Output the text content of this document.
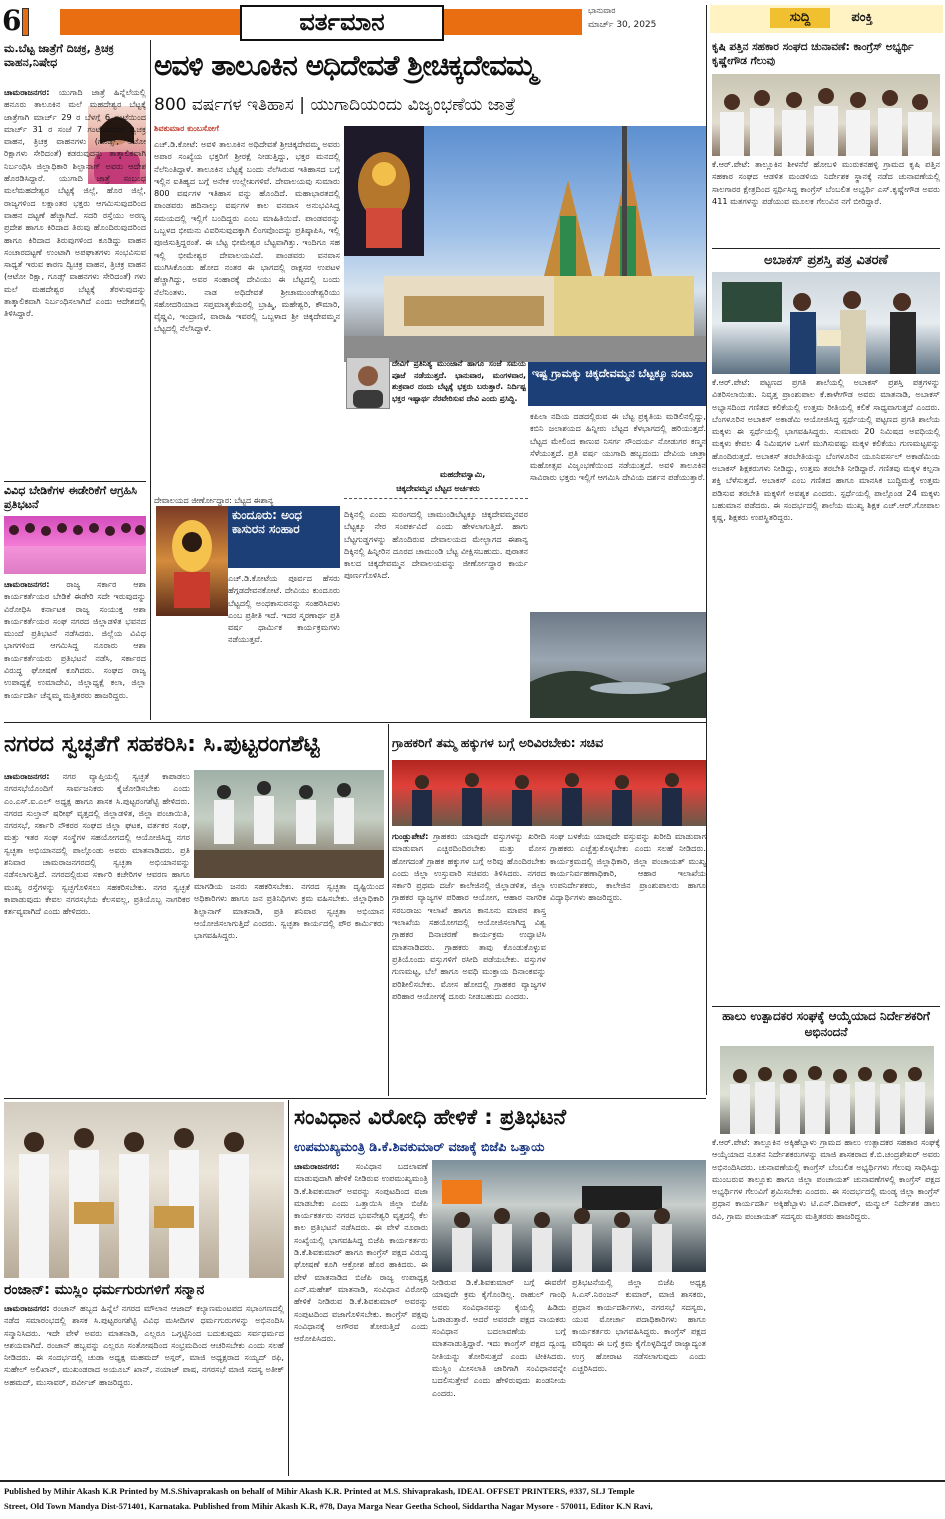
6	ವರ್ತಮಾನ	ಭಾನುವಾರ
ಮಾರ್ಚ್ 30, 2025	ಸುದ್ದಿ	ಪಂಕ್ತಿ
ಮ.ಬೆಟ್ಟ ಜಾತ್ರೆಗೆ ದಿಚಕ್ರ, ತ್ರಿಚಕ್ರ ವಾಹನ,ನಿಷೇಧ
ಚಾಮರಾಜನಗರ: ಯುಗಾದಿ ಜಾತ್ರೆ ಹಿನ್ನೆಲೆಯಲ್ಲಿ ಹನೂರು ತಾಲೂಕಿನ ಮಲೆ ಮಹದೇಶ್ವರ ಬೆಟ್ಟಕ್ಕೆ ಜಾತ್ರೆಗಾಗಿ ಮಾರ್ಚ್ 29 ರ ಬೆಳಗ್ಗೆ 6 ಗಂಟೆಯಿಂದ ಮಾರ್ಚ್ 31 ರ ಸಂಜೆ 7 ಗಂಟೆಯವರೆಗೆ ದ್ವಿಚಕ್ರ ವಾಹನ, ತ್ರಿಚಕ್ರ ವಾಹನಗಳು (ಗೂಡ್ಸ್, ಆಟೋ ರಿಕ್ಷಾಗಳು ಸೇರಿದಂತೆ) ಕಡರುವುದನ್ನು ತಾತ್ಕಾಲಿಕವಾಗಿ ನಿರ್ಬಂಧಿಸಿ ಜಿಲ್ಲಾಧಿಕಾರಿ ಶಿಲ್ಪಾನಾಗ್ ಅವರು ಆದೇಶ ಹೊರಡಿಸಿದ್ದಾರೆ. ಯುಗಾದಿ ಜಾತ್ರೆ ಸಂಬಂಧ ಮಲೆಮಹದೇಶ್ವರ ಬೆಟ್ಟಕ್ಕೆ ಜಿಲ್ಲೆ, ಹೊರ ಜಿಲ್ಲೆ, ರಾಜ್ಯಗಳಿಂದ ಲಕ್ಷಾಂತರ ಭಕ್ತರು ಆಗಮಿಸುವುದರಿಂದ ವಾಹನ ದಟ್ಟಣೆ ಹೆಚ್ಚಾಗಿದೆ. ಸದರಿ ರಸ್ತೆಯು ಅರಣ್ಯ ಪ್ರದೇಶ ಹಾಗೂ ಕಿರಿದಾದ ತಿರುವು ಹೊಂದಿರುವುದರಿಂದ ಹಾಗೂ ಕಿರಿದಾದ ತಿರುವುಗಳಿಂದ ಕೂಡಿದ್ದು ವಾಹನ ಸಂಚಾರದಟ್ಟಣೆ ಉಂಟಾಗಿ ಅಪಘಾತಗಳು ಸಂಭವಿಸುವ ಸಾಧ್ಯತೆ ಇರುವ ಕಾರಣ ದ್ವಿಚಕ್ರ ವಾಹನ, ತ್ರಿಚಕ್ರ ವಾಹನ (ಆಟೋ ರಿಕ್ಷಾ, ಗೂಡ್ಸ್ ವಾಹನಗಳು ಸೇರಿದಂತೆ) ಗಳು ಮಲೆ ಮಹದೇಶ್ವರ ಬೆಟ್ಟಕ್ಕೆ ತೆರಳುವುದನ್ನು ತಾತ್ಕಾಲಿಕವಾಗಿ ನಿರ್ಬಂಧಿಸಲಾಗಿದೆ ಎಂದು ಆದೇಶದಲ್ಲಿ ತಿಳಿಸಿದ್ದಾರೆ.
ವಿವಿಧ ಬೇಡಿಕೆಗಳ ಈಡೇರಿಕೆಗೆ ಆಗ್ರಹಿಸಿ ಪ್ರತಿಭಟನೆ
ಚಾಮರಾಜನಗರ: ರಾಜ್ಯ ಸರ್ಕಾರ ಆಶಾ ಕಾರ್ಯಕರ್ತೆಯರ ಬೇಡಿಕೆ ಈಡೇರಿ ಸದೇ ಇರುವುದನ್ನು ವಿರೋಧಿಸಿ ಕರ್ನಾಟಕ ರಾಜ್ಯ ಸಂಯುಕ್ತ ಆಶಾ ಕಾರ್ಯಕರ್ತೆಯರ ಸಂಘ ನಗರದ ಜಿಲ್ಲಾಡಳಿತ ಭವನದ ಮುಂದೆ ಪ್ರತಿಭಟನೆ ನಡೆಸಿದರು. ಜಿಲ್ಲೆಯ ವಿವಿಧ ಭಾಗಗಳಿಂದ ಆಗಮಿಸಿದ್ದ ನೂರಾರು ಆಶಾ ಕಾರ್ಯಕರ್ತೆಯರು ಪ್ರತಿಭಟನೆ ನಡೆಸಿ, ಸರ್ಕಾರದ ವಿರುದ್ಧ ಘೋಷಣೆ ಕೂಗಿದರು. ಸಂಘದ ರಾಜ್ಯ ಉಪಾಧ್ಯಕ್ಷೆ ಉಮಾದೇವಿ, ಜಿಲ್ಲಾಧ್ಯಕ್ಷೆ ಕಲಾ, ಜಿಲ್ಲಾ ಕಾರ್ಯದರ್ಶಿ ಚೆನ್ನಮ್ಮ ಮತ್ತಿತರರು ಹಾಜರಿದ್ದರು.
ಅವಳಿ ತಾಲೂಕಿನ ಅಧಿದೇವತೆ ಶ್ರೀಚಿಕ್ಕದೇವಮ್ಮ
800 ವರ್ಷಗಳ ಇತಿಹಾಸ | ಯುಗಾದಿಯಂದು ವಿಜೃಂಭಣೆಯ ಜಾತ್ರೆ
ಶಿವಕುಮಾರ ಕುಂಬಸೋಗೆ

ಎಚ್.ಡಿ.ಕೋಟೆ: ಅವಳಿ ತಾಲೂಕಿನ ಅಧಿದೇವತೆ ಶ್ರೀಚಿಕ್ಕದೇವಮ್ಮ ಅವರು ಅಪಾರ ಸಂಖ್ಯೆಯ ಭಕ್ತರಿಗೆ ಶ್ರೀರಕ್ಷೆ ನೀಡುತ್ತಿದ್ದು, ಭಕ್ತರ ಮನದಲ್ಲಿ ನೆಲೆನಿಂತಿದ್ದಾಳೆ. ತಾಲೂಕಿನ ಬೆಟ್ಟಕ್ಕೆ ಬಂದು ನೆಲೆಸಿರುವ ಇತಿಹಾಸದ ಬಗ್ಗೆ ಇಲ್ಲಿನ ಐತಿಹ್ಯದ ಬಗ್ಗೆ ಅನೇಕ ಉಲ್ಲೇಖಗಳಿವೆ. ದೇವಾಲಯವು ಸುಮಾರು 800 ವರ್ಷಗಳ ಇತಿಹಾಸ ವನ್ನು ಹೊಂದಿದೆ. ಮಹಾಭಾರತದಲ್ಲಿ ಪಾಂಡವರು ಹದಿನಾಲ್ಕು ವರ್ಷಗಳ ಕಾಲ ವನವಾಸ ಅನುಭವಿಸಿದ್ದ ಸಮಯದಲ್ಲಿ ಇಲ್ಲಿಗೆ ಬಂದಿದ್ದರು ಎಂಬ ಮಾಹಿತಿಯಿದೆ. ಪಾಂಡವರನ್ನು ಒಬ್ಬಳದ ಭೀಮನು ವಿವರಿಸುವುದಕ್ಕಾಗಿ ಲಿಂಗವೊಂದನ್ನು ಪ್ರತಿಷ್ಠಾಪಿಸಿ, ಇಲ್ಲಿ ಪೂಜಿಸುತ್ತಿದ್ದರಂತೆ. ಈ ಬೆಟ್ಟ ಭೀಮೇಶ್ವರ ಬೆಟ್ಟವಾಗಿತ್ತು. ಇಂದಿಗೂ ಸಹ ಇಲ್ಲಿ ಭೀಮೇಶ್ವರ ದೇವಾಲಯವಿದೆ. ಪಾಂಡವರು ವನವಾಸ ಮುಗಿಸಿಕೊಂಡು ಹೋದ ನಂತರ ಈ ಭಾಗದಲ್ಲಿ ರಾಕ್ಷಸರ ಉಪಟಳ ಹೆಚ್ಚಾಗಿದ್ದು, ಅವರ ಸಂಹಾರಕ್ಕೆ ದೇವಿಯು ಈ ಬೆಟ್ಟದಲ್ಲಿ ಬಂದು ನೆಲೆನಿಂತಳು. ನಾಡ ಅಧಿದೇವತೆ ಶ್ರೀಚಾಮುಂಡೇಶ್ವರಿಯು ಸಹೋದರಿಯಾದ ಸಪ್ತಮಾತೃಕೆಯರಲ್ಲಿ ಬ್ರಾಹ್ಮಿ, ಮಹೇಶ್ವರಿ, ಕೌಮಾರಿ, ವೈಷ್ಣವಿ, ಇಂದ್ರಾಣಿ, ವಾರಾಹಿ ಇವರಲ್ಲಿ ಒಬ್ಬಳಾದ ಶ್ರೀ ಚಿಕ್ಕದೇವಮ್ಮನ ಬೆಟ್ಟದಲ್ಲಿ ನೆಲೆಸಿದ್ದಾಳೆ.

ದೇವಾಲಯದ ಜೀರ್ಣೋದ್ಧಾರ: ಬೆಟ್ಟದ ಈಶಾನ್ಯ
ದೇವಿಗೆ ಪ್ರತಿನಿತ್ಯ ಮುಂಜಾನೆ ಹಾಗೂ ಸಂಜೆ ಸಮಯ ಪೂಜೆ ನಡೆಯುತ್ತದೆ. ಭಾನುವಾರ, ಮಂಗಳವಾರ, ಶುಕ್ರವಾರ ದಂದು ಬೆಟ್ಟಕ್ಕೆ ಭಕ್ತರು ಬರುತ್ತಾರೆ. ನಿರ್ದಿಷ್ಟ ಭಕ್ತರ ಇಷ್ಟಾರ್ಥ ನೆರವೇರಿಸುವ ದೇವಿ ಎಂದು ಪ್ರಸಿದ್ಧಿ.
ಮಹದೇವಸ್ವಾಮಿ,
ಚಿಕ್ಕದೇವಮ್ಮನ ಬೆಟ್ಟದ ಅರ್ಚಕರು
ಇಷ್ಟ ಗ್ರಾಮಕ್ಕು ಚಿಕ್ಕದೇವಮ್ಮನ ಬೆಟ್ಟಕ್ಕೂ ನಂಟು

ದಿಕ್ಕಿನಲ್ಲಿ ಎಂದು ಸುರಂಗದಲ್ಲಿ ಚಾಮುಂಡಿಬೆಟ್ಟಕ್ಕೂ ಚಿಕ್ಕದೇವಮ್ಮನವರ ಬೆಟ್ಟಕ್ಕೂ ನೇರ ಸಂಪರ್ಕವಿದೆ ಎಂದು ಹೇಳಲಾಗುತ್ತಿದೆ. ಹಾಗು ಬೆಟ್ಟಗುಡ್ಡಗಳನ್ನು ಹೊಂದಿರುವ ದೇವಾಲಯದ ಮೇಲ್ಭಾಗದ ಈಶಾನ್ಯ ದಿಕ್ಕಿನಲ್ಲಿ ಹಿನ್ನೀರಿನ ದೂರದ ಚಾಮುಂಡಿ ಬೆಟ್ಟ ವೀಕ್ಷಿಸಬಹುದು. ಪುರಾತನ ಕಾಲದ ಚಿಕ್ಕದೇವಮ್ಮನ ದೇವಾಲಯವನ್ನು ಜೀರ್ಣೋದ್ಧಾರ ಕಾರ್ಯ ಪೂರ್ಣಗೊಳಿಸಿದೆ.

ಕುಂದೂರು: ಅಂಧ ಕಾಸುರನ ಸಂಹಾರ
ಎಚ್.ಡಿ.ಕೋಟೆಯ ಪೂರ್ವದ ಹೆಸರು ಹೆಗ್ಗಡದೇವನಕೋಟೆ. ದೇವಿಯು ಕುಂದೂರು ಬೆಟ್ಟದಲ್ಲಿ ಅಂಧಕಾಸುರನನ್ನು ಸಂಹರಿಸಿದಳು ಎಂಬ ಪ್ರತೀತಿ ಇದೆ. ಇದರ ಸ್ಮರಣಾರ್ಥ ಪ್ರತಿ ವರ್ಷ ಧಾರ್ಮಿಕ ಕಾರ್ಯಕ್ರಮಗಳು ನಡೆಯುತ್ತವೆ.

ಕಪಿಲಾ ನದಿಯ ದಡದಲ್ಲಿರುವ ಈ ಬೆಟ್ಟ ಪ್ರಕೃತಿಯ ಮಡಿಲಿನಲ್ಲಿದ್ದು, ಕಬಿನಿ ಜಲಾಶಯದ ಹಿನ್ನೀರು ಬೆಟ್ಟದ ಕೆಳಭಾಗದಲ್ಲಿ ಹರಿಯುತ್ತದೆ. ಬೆಟ್ಟದ ಮೇಲಿಂದ ಕಾಣುವ ನಿಸರ್ಗ ಸೌಂದರ್ಯ ನೋಡುಗರ ಕಣ್ಮನ ಸೆಳೆಯುತ್ತದೆ. ಪ್ರತಿ ವರ್ಷ ಯುಗಾದಿ ಹಬ್ಬದಂದು ದೇವಿಯ ಜಾತ್ರಾ ಮಹೋತ್ಸವ ವಿಜೃಂಭಣೆಯಿಂದ ನಡೆಯುತ್ತದೆ. ಅವಳಿ ತಾಲೂಕಿನ ಸಾವಿರಾರು ಭಕ್ತರು ಇಲ್ಲಿಗೆ ಆಗಮಿಸಿ ದೇವಿಯ ದರ್ಶನ ಪಡೆಯುತ್ತಾರೆ.

ಕೃಷಿ ಪತ್ತಿನ ಸಹಕಾರ ಸಂಘದ ಚುನಾವಣೆ: ಕಾಂಗ್ರೆಸ್ ಅಭ್ಯರ್ಥಿ ಕೃಷ್ಣೇಗೌಡ ಗೆಲುವು
ಕೆ.ಆರ್.ಪೇಟೆ: ತಾಲ್ಲೂಕಿನ ಶೀಳನೆರೆ ಹೋಬಳಿ ಮುರುಕನಹಳ್ಳಿ ಗ್ರಾಮದ ಕೃಷಿ ಪತ್ತಿನ ಸಹಕಾರ ಸಂಘದ ಆಡಳಿತ ಮಂಡಳಿಯ ನಿರ್ದೇಶಕ ಸ್ಥಾನಕ್ಕೆ ನಡೆದ ಚುನಾವಣೆಯಲ್ಲಿ ಸಾಲಗಾರರ ಕ್ಷೇತ್ರದಿಂದ ಸ್ಪರ್ಧಿಸಿದ್ದ ಕಾಂಗ್ರೆಸ್ ಬೆಂಬಲಿತ ಅಭ್ಯರ್ಥಿ ಎಸ್.ಕೃಷ್ಣೇಗೌಡ ಅವರು 411 ಮತಗಳನ್ನು ಪಡೆಯುವ ಮೂಲಕ ಗೆಲುವಿನ ನಗೆ ಬೀರಿದ್ದಾರೆ.
ಅಬಾಕಸ್ ಪ್ರಶಸ್ತಿ ಪತ್ರ ವಿತರಣೆ
ಕೆ.ಆರ್.ಪೇಟೆ: ಪಟ್ಟಣದ ಪ್ರಗತಿ ಶಾಲೆಯಲ್ಲಿ ಅಬಾಕಸ್ ಪ್ರಶಸ್ತಿ ಪತ್ರಗಳನ್ನು ವಿತರಿಸಲಾಯಿತು. ನಿವೃತ್ತ ಪ್ರಾಂಶುಪಾಲ ಕೆ.ಕಾಳೇಗೌಡ ಅವರು ಮಾತನಾಡಿ, ಅಬಾಕಸ್ ಅಭ್ಯಾಸದಿಂದ ಗಣಿತದ ಕಲಿಕೆಯಲ್ಲಿ ಉತ್ತಮ ರೀತಿಯಲ್ಲಿ ಕಲಿಕೆ ಸಾಧ್ಯವಾಗುತ್ತದೆ ಎಂದರು. ಬೆಂಗಳೂರಿನ ಅಬಾಕಸ್ ಅಕಾಡೆಮಿ ಆಯೋಜಿಸಿದ್ದ ಸ್ಪರ್ಧೆಯಲ್ಲಿ ಪಟ್ಟಣದ ಪ್ರಗತಿ ಶಾಲೆಯ ಮಕ್ಕಳು ಈ ಸ್ಪರ್ಧೆಯಲ್ಲಿ ಭಾಗವಹಿಸಿದ್ದರು. ಸುಮಾರು 20 ನಿಮಿಷದ ಅವಧಿಯಲ್ಲಿ ಮಕ್ಕಳು ಕೇವಲ 4 ನಿಮಿಷಗಳ ಒಳಗೆ ಮುಗಿಸುವಷ್ಟು ಮಕ್ಕಳ ಕಲಿಕೆಯು ಗುಣಮಟ್ಟವನ್ನು ಹೊಂದಿರುತ್ತದೆ. ಅಬಾಕಸ್ ತರಬೇತಿಯನ್ನು ಬೆಂಗಳೂರಿನ ಯೂನಿವರ್ಸಲ್ ಅಕಾಡೆಮಿಯ ಅಬಾಕಸ್ ಶಿಕ್ಷಕರುಗಳು ನೀಡಿದ್ದು, ಉತ್ತಮ ತರಬೇತಿ ನೀಡಿದ್ದಾರೆ. ಗಣಿತವು ಮಕ್ಕಳ ಕಲ್ಪನಾ ಶಕ್ತಿ ಬೆಳೆಸುತ್ತದೆ. ಅಬಾಕಸ್ ಎಂಬ ಗಣಿತದ ಹಾಗೂ ಮಾನಸಿಕ ಬುದ್ಧಿಮತ್ತೆ ಉತ್ತಮ ಪಡಿಸುವ ತರಬೇತಿ ಮಕ್ಕಳಿಗೆ ಅವಶ್ಯಕ ಎಂದರು. ಸ್ಪರ್ಧೆಯಲ್ಲಿ ಪಾಲ್ಗೊಂಡ 24 ಮಕ್ಕಳು ಬಹುಮಾನ ಪಡೆದರು. ಈ ಸಂದರ್ಭದಲ್ಲಿ ಶಾಲೆಯ ಮುಖ್ಯ ಶಿಕ್ಷಕ ಎಚ್.ಆರ್.ಗೋಪಾಲ ಕೃಷ್ಣ, ಶಿಕ್ಷಕರು ಉಪಸ್ಥಿತರಿದ್ದರು.
ಹಾಲು ಉತ್ಪಾದಕರ ಸಂಘಕ್ಕೆ ಆಯ್ಕೆಯಾದ ನಿರ್ದೇಶಕರಿಗೆ ಅಭಿನಂದನೆ
ಕೆ.ಆರ್.ಪೇಟೆ: ತಾಲ್ಲೂಕಿನ ಅಕ್ಕಿಹೆಬ್ಬಾಳು ಗ್ರಾಮದ ಹಾಲು ಉತ್ಪಾದಕರ ಸಹಕಾರ ಸಂಘಕ್ಕೆ ಆಯ್ಕೆಯಾದ ನೂತನ ನಿರ್ದೇಶಕರುಗಳನ್ನು ಮಾಜಿ ಶಾಸಕರಾದ ಕೆ.ಬಿ.ಚಂದ್ರಶೇಖರ್ ಅವರು ಅಭಿನಂದಿಸಿದರು. ಚುನಾವಣೆಯಲ್ಲಿ ಕಾಂಗ್ರೆಸ್ ಬೆಂಬಲಿತ ಅಭ್ಯರ್ಥಿಗಳು ಗೆಲುವು ಸಾಧಿಸಿದ್ದು ಮುಂಬರುವ ತಾಲ್ಲೂಕು ಹಾಗೂ ಜಿಲ್ಲಾ ಪಂಚಾಯತ್ ಚುನಾವಣೆಗಳಲ್ಲಿ ಕಾಂಗ್ರೆಸ್ ಪಕ್ಷದ ಅಭ್ಯರ್ಥಿಗಳ ಗೆಲುವಿಗೆ ಶ್ರಮಿಸಬೇಕು ಎಂದರು. ಈ ಸಂದರ್ಭದಲ್ಲಿ ಮಂಡ್ಯ ಜಿಲ್ಲಾ ಕಾಂಗ್ರೆಸ್ ಪ್ರಧಾನ ಕಾರ್ಯದರ್ಶಿ ಅಕ್ಕಿಹೆಬ್ಬಾಳು ಟಿ.ಎನ್.ದಿವಾಕರ್, ಮನ್ಮುಲ್ ನಿರ್ದೇಶಕ ಡಾಲು ರವಿ, ಗ್ರಾಮ ಪಂಚಾಯತ್ ಸದಸ್ಯರು ಮತ್ತಿತರರು ಹಾಜರಿದ್ದರು.
ನಗರದ ಸ್ವಚ್ಛತೆಗೆ ಸಹಕರಿಸಿ: ಸಿ.ಪುಟ್ಟರಂಗಶೆಟ್ಟಿ
ಚಾಮರಾಜನಗರ: ನಗರ ವ್ಯಾಪ್ತಿಯಲ್ಲಿ ಸ್ವಚ್ಛತೆ ಕಾಪಾಡಲು ನಗರಸಭೆಯೊಂದಿಗೆ ಸಾರ್ವಜನಿಕರು ಕೈಜೋಡಿಸಬೇಕು ಎಂದು ಎಂ.ಎಸ್.ಐ.ಎಲ್ ಅಧ್ಯಕ್ಷ ಹಾಗೂ ಶಾಸಕ ಸಿ.ಪುಟ್ಟರಂಗಶೆಟ್ಟಿ ಹೇಳಿದರು. ನಗರದ ಸುಲ್ತಾನ್ ಷರೀಫ್ ವೃತ್ತದಲ್ಲಿ ಜಿಲ್ಲಾಡಳಿತ, ಜಿಲ್ಲಾ ಪಂಚಾಯಿತಿ, ನಗರಸಭೆ, ಸರ್ಕಾರಿ ನೌಕರರ ಸಂಘದ ಜಿಲ್ಲಾ ಘಟಕ, ವರ್ತಕರ ಸಂಘ, ಮತ್ತು ಇತರ ಸಂಘ ಸಂಸ್ಥೆಗಳ ಸಹಯೋಗದಲ್ಲಿ ಆಯೋಜಿಸಿದ್ದ ನಗರ ಸ್ವಚ್ಛತಾ ಅಭಿಯಾನದಲ್ಲಿ ಪಾಲ್ಗೊಂಡು ಅವರು ಮಾತನಾಡಿದರು. ಪ್ರತಿ ಶನಿವಾರ ಚಾಮರಾಜನಗರದಲ್ಲಿ ಸ್ವಚ್ಛತಾ ಅಭಿಯಾನವನ್ನು ನಡೆಸಲಾಗುತ್ತಿದೆ. ನಗರದಲ್ಲಿರುವ ಸರ್ಕಾರಿ ಕಚೇರಿಗಳ ಆವರಣ ಹಾಗೂ ಮುಖ್ಯ ರಸ್ತೆಗಳನ್ನು ಸ್ವಚ್ಛಗೊಳಿಸಲು ಸಹಕರಿಸಬೇಕು. ನಗರ ಸ್ವಚ್ಛತೆ ಕಾಪಾಡುವುದು ಕೇವಲ ನಗರಸಭೆಯ ಕೆಲಸವಲ್ಲ, ಪ್ರತಿಯೊಬ್ಬ ನಾಗರಿಕರ ಕರ್ತವ್ಯವಾಗಿದೆ ಎಂದು ಹೇಳಿದರು.
ಮಾಗಡಿಯ ಜನರು ಸಹಕರಿಸಬೇಕು. ನಗರದ ಸ್ವಚ್ಛತಾ ದೃಷ್ಟಿಯಿಂದ ಅಧಿಕಾರಿಗಳು ಹಾಗೂ ಜನ ಪ್ರತಿನಿಧಿಗಳು ಕ್ರಮ ವಹಿಸಬೇಕು. ಜಿಲ್ಲಾಧಿಕಾರಿ ಶಿಲ್ಪಾನಾಗ್ ಮಾತನಾಡಿ, ಪ್ರತಿ ಶನಿವಾರ ಸ್ವಚ್ಛತಾ ಅಭಿಯಾನ ಆಯೋಜಿಸಲಾಗುತ್ತಿದೆ ಎಂದರು. ಸ್ವಚ್ಛತಾ ಕಾರ್ಯದಲ್ಲಿ ಪೌರ ಕಾರ್ಮಿಕರು ಭಾಗವಹಿಸಿದ್ದರು.
ಗ್ರಾಹಕರಿಗೆ ತಮ್ಮ ಹಕ್ಕುಗಳ ಬಗ್ಗೆ ಅರಿವಿರಬೇಕು: ಸಚಿವ
ಗುಂಡ್ಲುಪೇಟೆ: ಗ್ರಾಹಕರು ಯಾವುದೇ ವಸ್ತುಗಳನ್ನು ಖರೀದಿ ಮಾಡುವಾಗ ಎಚ್ಚರದಿಂದಿರಬೇಕು ಮತ್ತು ಮೋಸ ಹೋಗದಂತೆ ಗ್ರಾಹಕ ಹಕ್ಕುಗಳ ಬಗ್ಗೆ ಅರಿವು ಹೊಂದಿರಬೇಕು ಎಂದು ಜಿಲ್ಲಾ ಉಸ್ತುವಾರಿ ಸಚಿವರು ತಿಳಿಸಿದರು. ನಗರದ ಸರ್ಕಾರಿ ಪ್ರಥಮ ದರ್ಜೆ ಕಾಲೇಜಿನಲ್ಲಿ ಜಿಲ್ಲಾಡಳಿತ, ಜಿಲ್ಲಾ ಗ್ರಾಹಕರ ವ್ಯಾಜ್ಯಗಳ ಪರಿಹಾರ ಆಯೋಗ, ಆಹಾರ ನಾಗರಿಕ ಸರಬರಾಜು ಇಲಾಖೆ ಹಾಗೂ ಕಾನೂನು ಮಾಪನ ಶಾಸ್ತ್ರ ಇಲಾಖೆಯ ಸಹಯೋಗದಲ್ಲಿ ಆಯೋಜಿಸಲಾಗಿದ್ದ ವಿಶ್ವ ಗ್ರಾಹಕರ ದಿನಾಚರಣೆ ಕಾರ್ಯಕ್ರಮ ಉದ್ಘಾಟಿಸಿ ಮಾತನಾಡಿದರು. ಗ್ರಾಹಕರು ತಾವು ಕೊಂಡುಕೊಳ್ಳುವ ಪ್ರತಿಯೊಂದು ವಸ್ತುಗಳಿಗೆ ರಸೀದಿ ಪಡೆಯಬೇಕು. ವಸ್ತುಗಳ ಗುಣಮಟ್ಟ, ಬೆಲೆ ಹಾಗೂ ಅವಧಿ ಮುಕ್ತಾಯ ದಿನಾಂಕವನ್ನು ಪರಿಶೀಲಿಸಬೇಕು. ಮೋಸ ಹೋದಲ್ಲಿ ಗ್ರಾಹಕರ ವ್ಯಾಜ್ಯಗಳ ಪರಿಹಾರ ಆಯೋಗಕ್ಕೆ ದೂರು ನೀಡಬಹುದು ಎಂದರು.
ಸಂಘ ಬಳಕೆಯ ಯಾವುದೇ ವಸ್ತುವನ್ನು ಖರೀದಿ ಮಾಡುವಾಗ ಗ್ರಾಹಕರು ಎಚ್ಚೆತ್ತುಕೊಳ್ಳಬೇಕು ಎಂದು ಸಲಹೆ ನೀಡಿದರು. ಕಾರ್ಯಕ್ರಮದಲ್ಲಿ ಜಿಲ್ಲಾಧಿಕಾರಿ, ಜಿಲ್ಲಾ ಪಂಚಾಯತ್ ಮುಖ್ಯ ಕಾರ್ಯನಿರ್ವಹಣಾಧಿಕಾರಿ, ಆಹಾರ ಇಲಾಖೆಯ ಉಪನಿರ್ದೇಶಕರು, ಕಾಲೇಜಿನ ಪ್ರಾಂಶುಪಾಲರು ಹಾಗೂ ವಿದ್ಯಾರ್ಥಿಗಳು ಹಾಜರಿದ್ದರು.
ರಂಜಾನ್: ಮುಸ್ಲಿಂ ಧರ್ಮಗುರುಗಳಿಗೆ ಸನ್ಮಾನ
ಚಾಮರಾಜನಗರ: ರಂಜಾನ್ ಹಬ್ಬದ ಹಿನ್ನೆಲೆ ನಗರದ ಮೌಲಾನ ಆಜಾದ್ ಕಲ್ಯಾಣಮಂಟಪದ ಸಭಾಂಗಣದಲ್ಲಿ ನಡೆದ ಸಮಾರಂಭದಲ್ಲಿ ಶಾಸಕ ಸಿ.ಪುಟ್ಟರಂಗಶೆಟ್ಟಿ ವಿವಿಧ ಮಸೀದಿಗಳ ಧರ್ಮಗುರುಗಳನ್ನು ಅಭಿನಂದಿಸಿ ಸನ್ಮಾನಿಸಿದರು. ಇದೇ ವೇಳೆ ಅವರು ಮಾತನಾಡಿ, ಎಲ್ಲರೂ ಒಗ್ಗಟ್ಟಿನಿಂದ ಬದುಕುವುದು ಸರ್ವಧರ್ಮದ ಆಶಯವಾಗಿದೆ. ರಂಜಾನ್ ಹಬ್ಬವನ್ನು ಎಲ್ಲರೂ ಸಂತೋಷದಿಂದ ಸಂಭ್ರಮದಿಂದ ಆಚರಿಸಬೇಕು ಎಂದು ಸಲಹೆ ನೀಡಿದರು. ಈ ಸಂದರ್ಭದಲ್ಲಿ ಚುಡಾ ಅಧ್ಯಕ್ಷ ಮಹಮದ್ ಅಸ್ಗರ್, ಮಾಜಿ ಅಧ್ಯಕ್ಷರಾದ ಸಯ್ಯದ್ ರಫಿ, ಸುಹೇಲ್ ಅಲಿಖಾನ್, ಮುಖಂಡರಾದ ಅಯೂಬ್ ಖಾನ್, ನಯಾಜ್ ಪಾಷ, ನಗರಸಭೆ ಮಾಜಿ ಸದಸ್ಯ ಅತೀಕ್ ಅಹಮದ್, ಮುಸಾವರ್, ಪರ್ವೀಜ್ ಹಾಜರಿದ್ದರು.
ಸಂವಿಧಾನ ವಿರೋಧಿ ಹೇಳಿಕೆ : ಪ್ರತಿಭಟನೆ
ಉಪಮುಖ್ಯಮಂತ್ರಿ ಡಿ.ಕೆ.ಶಿವಕುಮಾರ್ ವಜಾಕ್ಕೆ ಬಿಜೆಪಿ ಒತ್ತಾಯ
ಚಾಮರಾಜನಗರ: ಸಂವಿಧಾನ ಬದಲಾವಣೆ ಮಾಡುವುದಾಗಿ ಹೇಳಿಕೆ ನೀಡಿರುವ ಉಪಮುಖ್ಯಮಂತ್ರಿ ಡಿ.ಕೆ.ಶಿವಕುಮಾರ್ ಅವರನ್ನು ಸಂಪುಟದಿಂದ ವಜಾ ಮಾಡಬೇಕು ಎಂದು ಒತ್ತಾಯಿಸಿ ಜಿಲ್ಲಾ ಬಿಜೆಪಿ ಕಾರ್ಯಕರ್ತರು ನಗರದ ಭುವನೇಶ್ವರಿ ವೃತ್ತದಲ್ಲಿ ಕೆಲ ಕಾಲ ಪ್ರತಿಭಟನೆ ನಡೆಸಿದರು. ಈ ವೇಳೆ ನೂರಾರು ಸಂಖ್ಯೆಯಲ್ಲಿ ಭಾಗವಹಿಸಿದ್ದ ಬಿಜೆಪಿ ಕಾರ್ಯಕರ್ತರು ಡಿ.ಕೆ.ಶಿವಕುಮಾರ್ ಹಾಗೂ ಕಾಂಗ್ರೆಸ್ ಪಕ್ಷದ ವಿರುದ್ಧ ಘೋಷಣೆ ಕೂಗಿ ಆಕ್ರೋಶ ಹೊರ ಹಾಕಿದರು. ಈ ವೇಳೆ ಮಾತನಾಡಿದ ಬಿಜೆಪಿ ರಾಜ್ಯ ಉಪಾಧ್ಯಕ್ಷ ಎನ್.ಮಹೇಶ್ ಮಾತನಾಡಿ, ಸಂವಿಧಾನ ವಿರೋಧಿ ಹೇಳಿಕೆ ನೀಡಿರುವ ಡಿ.ಕೆ.ಶಿವಕುಮಾರ್ ಅವರನ್ನು ಸಂಪುಟದಿಂದ ವಜಾಗೊಳಿಸಬೇಕು. ಕಾಂಗ್ರೆಸ್ ಪಕ್ಷವು ಸಂವಿಧಾನಕ್ಕೆ ಅಗೌರವ ತೋರುತ್ತಿದೆ ಎಂದು ಆರೋಪಿಸಿದರು.
ನೀಡಿರುವ ಡಿ.ಕೆ.ಶಿವಕುಮಾರ್ ಬಗ್ಗೆ ಈವರೆಗೆ ಯಾವುದೇ ಕ್ರಮ ಕೈಗೊಂಡಿಲ್ಲ. ರಾಹುಲ್ ಗಾಂಧಿ ಅವರು ಸಂವಿಧಾನವನ್ನು ಕೈಯಲ್ಲಿ ಹಿಡಿದು ಓಡಾಡುತ್ತಾರೆ. ಆದರೆ ಅವರದೇ ಪಕ್ಷದ ನಾಯಕರು ಸಂವಿಧಾನ ಬದಲಾವಣೆಯ ಬಗ್ಗೆ ಮಾತನಾಡುತ್ತಿದ್ದಾರೆ. ಇದು ಕಾಂಗ್ರೆಸ್ ಪಕ್ಷದ ದ್ವಂದ್ವ ನೀತಿಯನ್ನು ತೋರಿಸುತ್ತದೆ ಎಂದು ಟೀಕಿಸಿದರು. ಮುಸ್ಲಿಂ ಮೀಸಲಾತಿ ಜಾರಿಗಾಗಿ ಸಂವಿಧಾನವನ್ನೇ ಬದಲಿಸುತ್ತೇವೆ ಎಂದು ಹೇಳಿರುವುದು ಖಂಡನೀಯ ಎಂದರು.
ಪ್ರತಿಭಟನೆಯಲ್ಲಿ ಜಿಲ್ಲಾ ಬಿಜೆಪಿ ಅಧ್ಯಕ್ಷ ಸಿ.ಎಸ್.ನಿರಂಜನ್ ಕುಮಾರ್, ಮಾಜಿ ಶಾಸಕರು, ಪ್ರಧಾನ ಕಾರ್ಯದರ್ಶಿಗಳು, ನಗರಸಭೆ ಸದಸ್ಯರು, ಯುವ ಮೋರ್ಚಾ ಪದಾಧಿಕಾರಿಗಳು ಹಾಗೂ ಕಾರ್ಯಕರ್ತರು ಭಾಗವಹಿಸಿದ್ದರು. ಕಾಂಗ್ರೆಸ್ ಪಕ್ಷದ ವರಿಷ್ಠರು ಈ ಬಗ್ಗೆ ಕ್ರಮ ಕೈಗೊಳ್ಳದಿದ್ದರೆ ರಾಜ್ಯಾದ್ಯಂತ ಉಗ್ರ ಹೋರಾಟ ನಡೆಸಲಾಗುವುದು ಎಂದು ಎಚ್ಚರಿಸಿದರು.
Published by Mihir Akash K.R Printed by M.S.Shivaprakash on behalf of Mihir Akash K.R. Printed at M.S. Shivaprakash, IDEAL OFFSET PRINTERS, #337, SLJ Temple
Street, Old Town Mandya Dist-571401, Karnataka. Published from Mihir Akash K.R, #78, Daya Marga Near Geetha School, Siddartha Nagar Mysore - 570011, Editor K.N Ravi,
